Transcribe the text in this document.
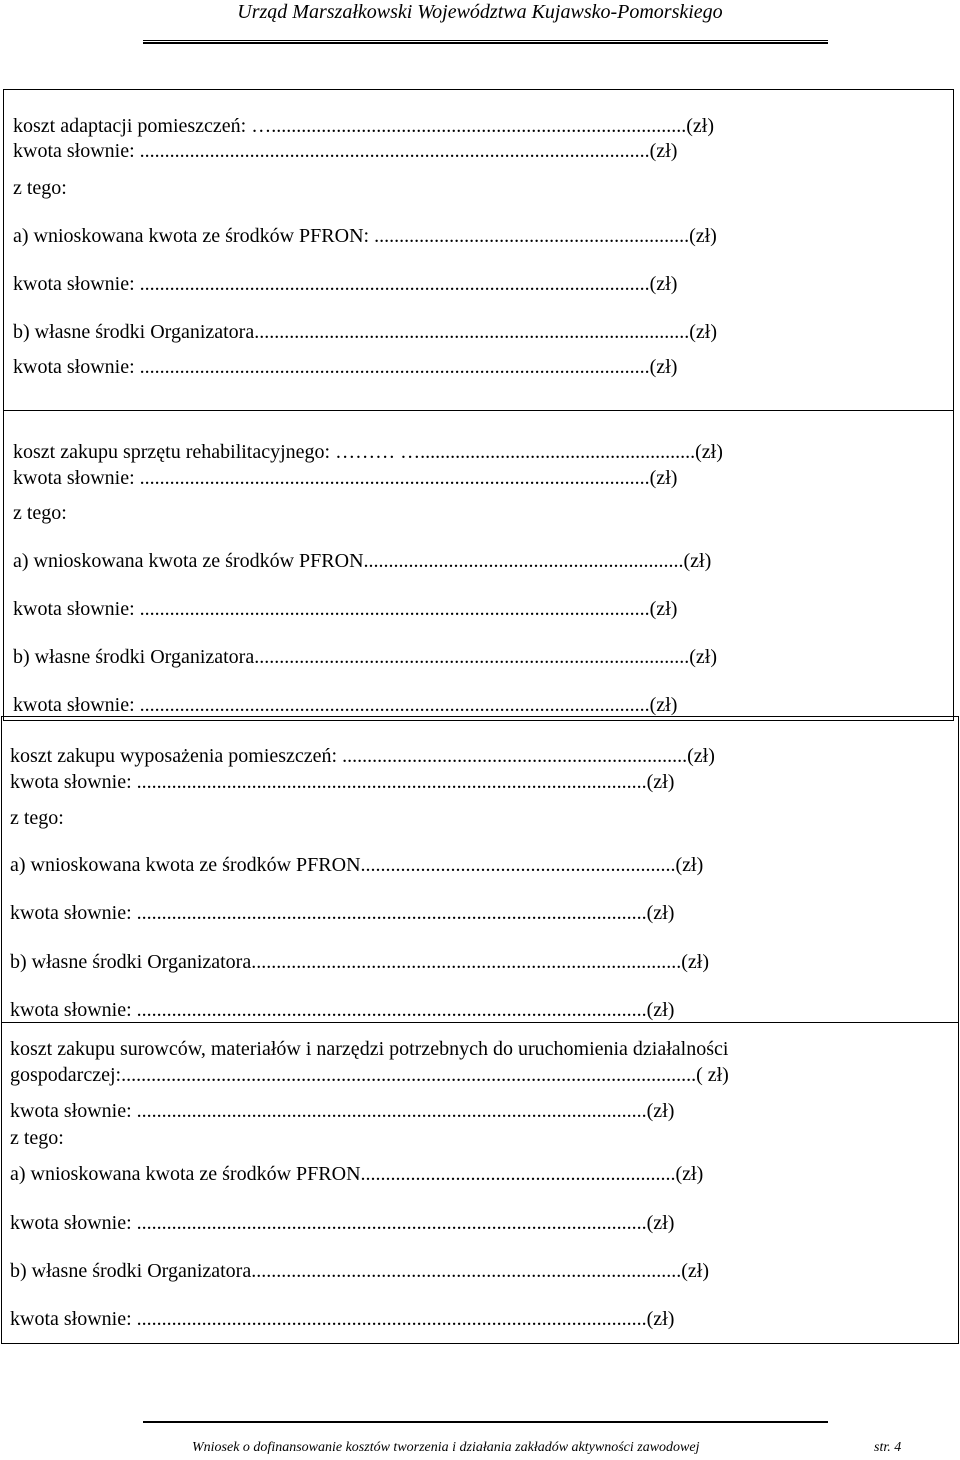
Urząd Marszałkowski Województwa Kujawsko-Pomorskiego
koszt adaptacji pomieszczeń: …...................................................................................(zł)
kwota słownie: ......................................................................................................(zł)
z tego:
a) wnioskowana kwota ze środków PFRON: ...............................................................(zł)
kwota słownie: ......................................................................................................(zł)
b) własne środki Organizatora.......................................................................................(zł)
kwota słownie: ......................................................................................................(zł)
koszt zakupu sprzętu rehabilitacyjnego: ……… ….......................................................(zł)
kwota słownie: ......................................................................................................(zł)
z tego:
a) wnioskowana kwota ze środków PFRON................................................................(zł)
kwota słownie: ......................................................................................................(zł)
b) własne środki Organizatora.......................................................................................(zł)
kwota słownie: ......................................................................................................(zł)
koszt zakupu wyposażenia pomieszczeń: .....................................................................(zł)
kwota słownie: ......................................................................................................(zł)
z tego:
a) wnioskowana kwota ze środków PFRON...............................................................(zł)
kwota słownie: ......................................................................................................(zł)
b) własne środki Organizatora......................................................................................(zł)
kwota słownie: ......................................................................................................(zł)
koszt zakupu surowców, materiałów i narzędzi potrzebnych do uruchomienia działalności
gospodarczej:...................................................................................................................( zł)
kwota słownie: ......................................................................................................(zł)
z tego:
a) wnioskowana kwota ze środków PFRON...............................................................(zł)
kwota słownie: ......................................................................................................(zł)
b) własne środki Organizatora......................................................................................(zł)
kwota słownie: ......................................................................................................(zł)
Wniosek o dofinansowanie kosztów tworzenia i działania zakładów aktywności zawodowej	str. 4
